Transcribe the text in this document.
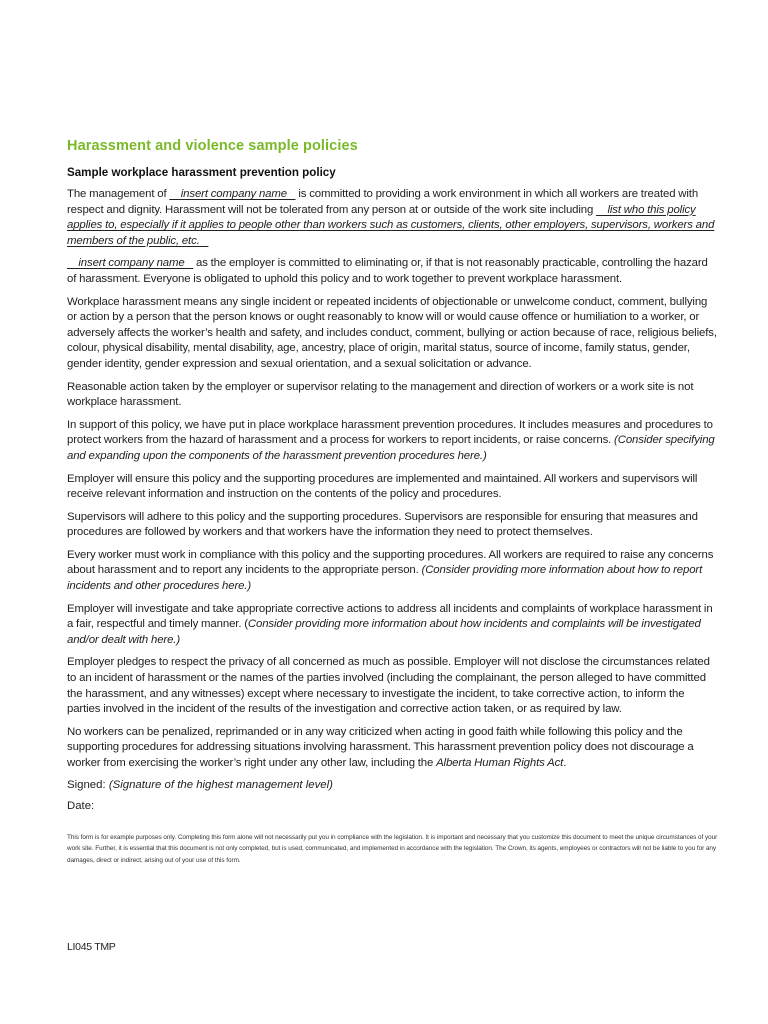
Harassment and violence sample policies
Sample workplace harassment prevention policy

The management of insert company name is committed to providing a work environment in which all workers are treated with respect and dignity. Harassment will not be tolerated from any person at or outside of the work site including list who this policy applies to, especially if it applies to people other than workers such as customers, clients, other employers, supervisors, workers and members of the public, etc.

insert company name as the employer is committed to eliminating or, if that is not reasonably practicable, controlling the hazard of harassment. Everyone is obligated to uphold this policy and to work together to prevent workplace harassment.

Workplace harassment means any single incident or repeated incidents of objectionable or unwelcome conduct, comment, bullying or action by a person that the person knows or ought reasonably to know will or would cause offence or humiliation to a worker, or adversely affects the worker’s health and safety, and includes conduct, comment, bullying or action because of race, religious beliefs, colour, physical disability, mental disability, age, ancestry, place of origin, marital status, source of income, family status, gender, gender identity, gender expression and sexual orientation, and a sexual solicitation or advance.

Reasonable action taken by the employer or supervisor relating to the management and direction of workers or a work site is not workplace harassment.

In support of this policy, we have put in place workplace harassment prevention procedures. It includes measures and procedures to protect workers from the hazard of harassment and a process for workers to report incidents, or raise concerns. (Consider specifying and expanding upon the components of the harassment prevention procedures here.)

Employer will ensure this policy and the supporting procedures are implemented and maintained. All workers and supervisors will receive relevant information and instruction on the contents of the policy and procedures.

Supervisors will adhere to this policy and the supporting procedures. Supervisors are responsible for ensuring that measures and procedures are followed by workers and that workers have the information they need to protect themselves.

Every worker must work in compliance with this policy and the supporting procedures. All workers are required to raise any concerns about harassment and to report any incidents to the appropriate person. (Consider providing more information about how to report incidents and other procedures here.)

Employer will investigate and take appropriate corrective actions to address all incidents and complaints of workplace harassment in a fair, respectful and timely manner. (Consider providing more information about how incidents and complaints will be investigated and/or dealt with here.)

Employer pledges to respect the privacy of all concerned as much as possible. Employer will not disclose the circumstances related to an incident of harassment or the names of the parties involved (including the complainant, the person alleged to have committed the harassment, and any witnesses) except where necessary to investigate the incident, to take corrective action, to inform the parties involved in the incident of the results of the investigation and corrective action taken, or as required by law.

No workers can be penalized, reprimanded or in any way criticized when acting in good faith while following this policy and the supporting procedures for addressing situations involving harassment. This harassment prevention policy does not discourage a worker from exercising the worker’s right under any other law, including the Alberta Human Rights Act.

Signed: (Signature of the highest management level)

Date:

This form is for example purposes only. Completing this form alone will not necessarily put you in compliance with the legislation. It is important and necessary that you customize this document to meet the unique circumstances of your work site. Further, it is essential that this document is not only completed, but is used, communicated, and implemented in accordance with the legislation. The Crown, its agents, employees or contractors will not be liable to you for any damages, direct or indirect, arising out of your use of this form.

LI045 TMP
